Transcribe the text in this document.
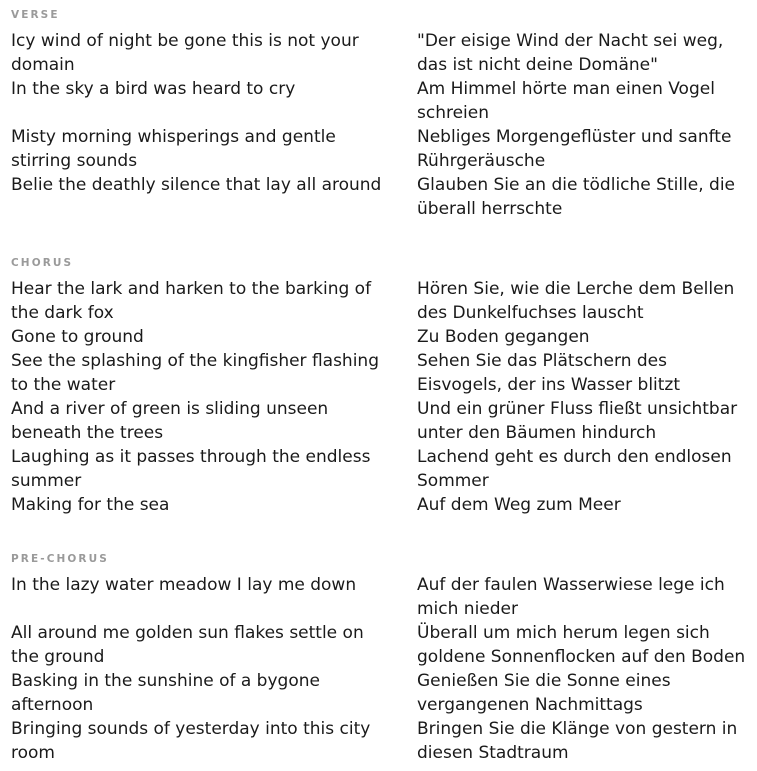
VERSE
Icy wind of night be gone this is not your
domain
In the sky a bird was heard to cry
Misty morning whisperings and gentle
stirring sounds
Belie the deathly silence that lay all around
"Der eisige Wind der Nacht sei weg,
das ist nicht deine Domäne"
Am Himmel hörte man einen Vogel
schreien
Nebliges Morgengeflüster und sanfte
Rührgeräusche
Glauben Sie an die tödliche Stille, die
überall herrschte
CHORUS
Hear the lark and harken to the barking of
the dark fox
Gone to ground
See the splashing of the kingfisher flashing
to the water
And a river of green is sliding unseen
beneath the trees
Laughing as it passes through the endless
summer
Making for the sea
Hören Sie, wie die Lerche dem Bellen
des Dunkelfuchses lauscht
Zu Boden gegangen
Sehen Sie das Plätschern des
Eisvogels, der ins Wasser blitzt
Und ein grüner Fluss fließt unsichtbar
unter den Bäumen hindurch
Lachend geht es durch den endlosen
Sommer
Auf dem Weg zum Meer
PRE-CHORUS
In the lazy water meadow I lay me down
All around me golden sun flakes settle on
the ground
Basking in the sunshine of a bygone
afternoon
Bringing sounds of yesterday into this city
room
Auf der faulen Wasserwiese lege ich
mich nieder
Überall um mich herum legen sich
goldene Sonnenflocken auf den Boden
Genießen Sie die Sonne eines
vergangenen Nachmittags
Bringen Sie die Klänge von gestern in
diesen Stadtraum
